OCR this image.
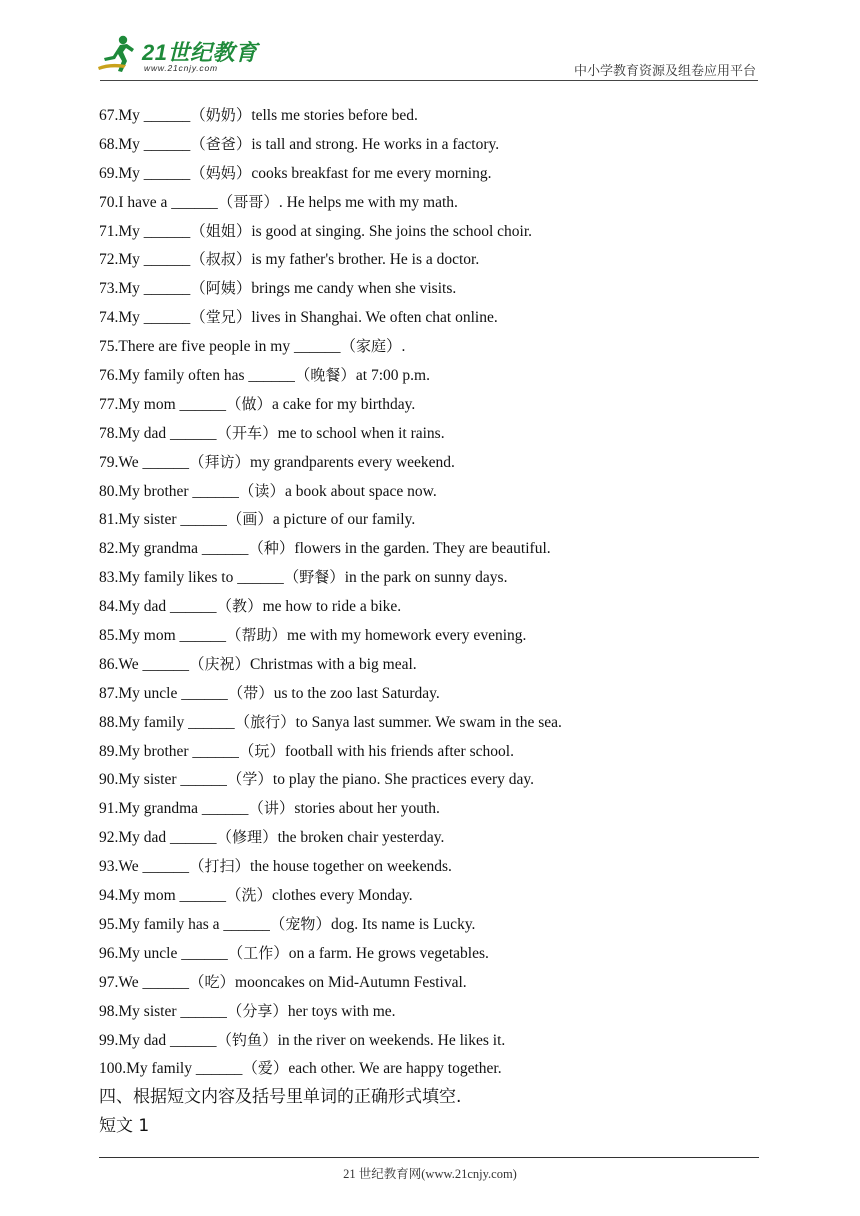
21世纪教育
www.21cnjy.com	中小学教育资源及组卷应用平台
67.My ______（奶奶）tells me stories before bed.
68.My ______（爸爸）is tall and strong. He works in a factory.
69.My ______（妈妈）cooks breakfast for me every morning.
70.I have a ______（哥哥）. He helps me with my math.
71.My ______（姐姐）is good at singing. She joins the school choir.
72.My ______（叔叔）is my father's brother. He is a doctor.
73.My ______（阿姨）brings me candy when she visits.
74.My ______（堂兄）lives in Shanghai. We often chat online.
75.There are five people in my ______（家庭）.
76.My family often has ______（晚餐）at 7:00 p.m.
77.My mom ______（做）a cake for my birthday.
78.My dad ______（开车）me to school when it rains.
79.We ______（拜访）my grandparents every weekend.
80.My brother ______（读）a book about space now.
81.My sister ______（画）a picture of our family.
82.My grandma ______（种）flowers in the garden. They are beautiful.
83.My family likes to ______（野餐）in the park on sunny days.
84.My dad ______（教）me how to ride a bike.
85.My mom ______（帮助）me with my homework every evening.
86.We ______（庆祝）Christmas with a big meal.
87.My uncle ______（带）us to the zoo last Saturday.
88.My family ______（旅行）to Sanya last summer. We swam in the sea.
89.My brother ______（玩）football with his friends after school.
90.My sister ______（学）to play the piano. She practices every day.
91.My grandma ______（讲）stories about her youth.
92.My dad ______（修理）the broken chair yesterday.
93.We ______（打扫）the house together on weekends.
94.My mom ______（洗）clothes every Monday.
95.My family has a ______（宠物）dog. Its name is Lucky.
96.My uncle ______（工作）on a farm. He grows vegetables.
97.We ______（吃）mooncakes on Mid-Autumn Festival.
98.My sister ______（分享）her toys with me.
99.My dad ______（钓鱼）in the river on weekends. He likes it.
100.My family ______（爱）each other. We are happy together.
四、根据短文内容及括号里单词的正确形式填空.
短文 1
21 世纪教育网(www.21cnjy.com)
